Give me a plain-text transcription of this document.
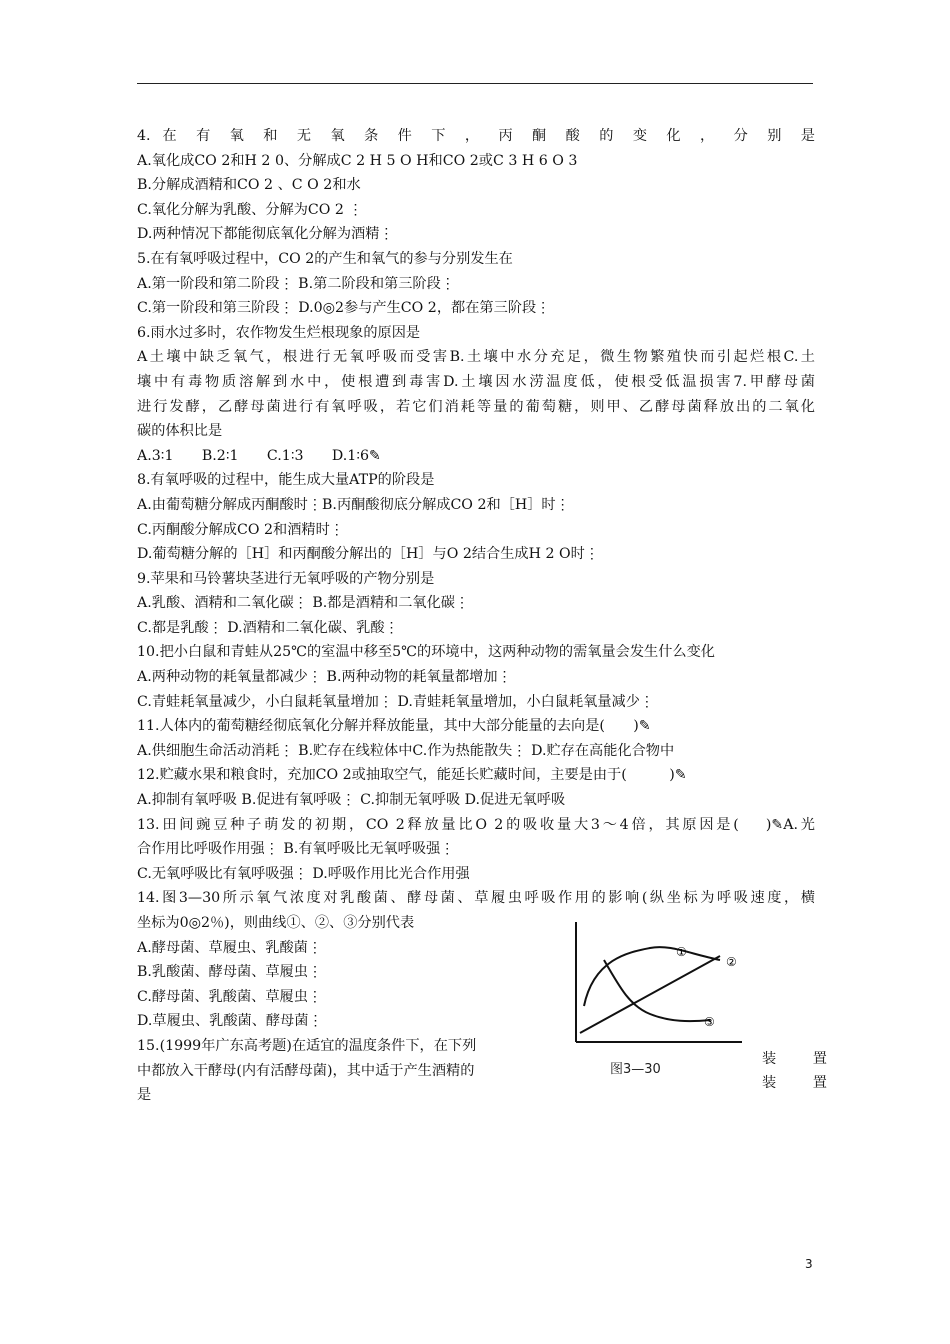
4. 在 有 氧 和 无 氧 条 件 下 ， 丙 酮 酸 的 变 化 ， 分 别 是
A.氧化成CO 2和H 2 0、分解成C 2 H 5 O H和CO 2或C 3 H 6 O 3
B.分解成酒精和CO 2 、C O 2和水
C.氧化分解为乳酸、分解为CO 2 ⋮
D.两种情况下都能彻底氧化分解为酒精⋮
5.在有氧呼吸过程中，CO 2的产生和氧气的参与分别发生在
A.第一阶段和第二阶段⋮ B.第二阶段和第三阶段⋮
C.第一阶段和第三阶段⋮ D.0◎2参与产生CO 2，都在第三阶段⋮
6.雨水过多时，农作物发生烂根现象的原因是
A土壤中缺乏氧气，根进行无氧呼吸而受害B.土壤中水分充足，微生物繁殖快而引起烂根C.土
壤中有毒物质溶解到水中，使根遭到毒害D.土壤因水涝温度低，使根受低温损害7.甲酵母菌
进行发酵，乙酵母菌进行有氧呼吸，若它们消耗等量的葡萄糖，则甲、乙酵母菌释放出的二氧化
碳的体积比是
A.3∶1　　B.2∶1　　C.1∶3　　D.1∶6✎
8.有氧呼吸的过程中，能生成大量ATP的阶段是
A.由葡萄糖分解成丙酮酸时⋮B.丙酮酸彻底分解成CO 2和［H］时⋮
C.丙酮酸分解成CO 2和酒精时⋮
D.葡萄糖分解的［H］和丙酮酸分解出的［H］与O 2结合生成H 2 O时⋮
9.苹果和马铃薯块茎进行无氧呼吸的产物分别是
A.乳酸、酒精和二氧化碳⋮ B.都是酒精和二氧化碳⋮
C.都是乳酸⋮ D.酒精和二氧化碳、乳酸⋮
10.把小白鼠和青蛙从25℃的室温中移至5℃的环境中，这两种动物的需氧量会发生什么变化
A.两种动物的耗氧量都减少⋮ B.两种动物的耗氧量都增加⋮
C.青蛙耗氧量减少，小白鼠耗氧量增加⋮ D.青蛙耗氧量增加，小白鼠耗氧量减少⋮
11.人体内的葡萄糖经彻底氧化分解并释放能量，其中大部分能量的去向是(　　)✎
A.供细胞生命活动消耗⋮ B.贮存在线粒体中C.作为热能散失⋮ D.贮存在高能化合物中
12.贮藏水果和粮食时，充加CO 2或抽取空气，能延长贮藏时间，主要是由于(　　　)✎
A.抑制有氧呼吸 B.促进有氧呼吸⋮ C.抑制无氧呼吸 D.促进无氧呼吸
13.田间豌豆种子萌发的初期，CO 2释放量比O 2的吸收量大3～4倍，其原因是(　 )✎A.光
合作用比呼吸作用强⋮ B.有氧呼吸比无氧呼吸强⋮
C.无氧呼吸比有氧呼吸强⋮ D.呼吸作用比光合作用强
14.图3—30所示氧气浓度对乳酸菌、酵母菌、草履虫呼吸作用的影响(纵坐标为呼吸速度，横
坐标为0◎2％)，则曲线①、②、③分别代表
A.酵母菌、草履虫、乳酸菌⋮
B.乳酸菌、酵母菌、草履虫⋮
C.酵母菌、乳酸菌、草履虫⋮
D.草履虫、乳酸菌、酵母菌⋮
15.(1999年广东高考题)在适宜的温度条件下，在下列
中都放入干酵母(内有活酵母菌)，其中适于产生酒精的
是
装 置
装 置
①
②
③
图3—30
3
